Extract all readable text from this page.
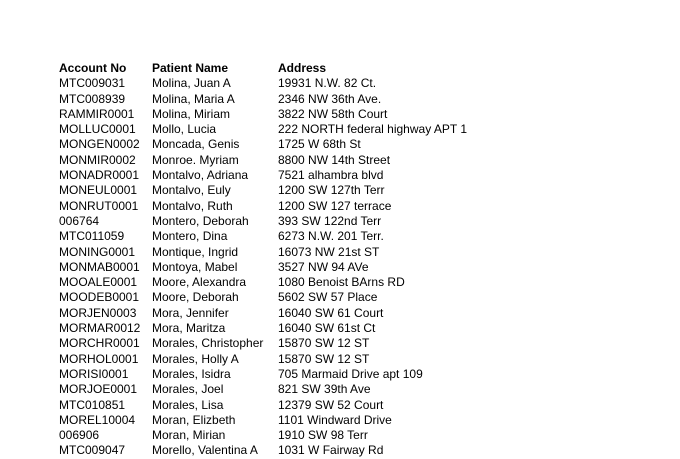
Account No	Patient Name	Address
MTC009031	Molina, Juan A	19931 N.W. 82 Ct.
MTC008939	Molina, Maria A	2346 NW 36th Ave.
RAMMIR0001	Molina, Miriam	3822 NW 58th Court
MOLLUC0001	Mollo, Lucia	222 NORTH federal highway APT 1
MONGEN0002	Moncada, Genis	1725 W 68th St
MONMIR0002	Monroe. Myriam	8800 NW 14th Street
MONADR0001	Montalvo, Adriana	7521 alhambra blvd
MONEUL0001	Montalvo, Euly	1200 SW 127th Terr
MONRUT0001	Montalvo, Ruth	1200 SW 127 terrace
006764	Montero, Deborah	393 SW 122nd Terr
MTC011059	Montero, Dina	6273 N.W. 201 Terr.
MONING0001	Montique, Ingrid	16073 NW 21st ST
MONMAB0001	Montoya, Mabel	3527 NW 94 AVe
MOOALE0001	Moore, Alexandra	1080 Benoist BArns RD
MOODEB0001	Moore, Deborah	5602 SW 57 Place
MORJEN0003	Mora, Jennifer	16040 SW 61 Court
MORMAR0012 Mora, Maritza	16040 SW 61st Ct
MORCHR0001	Morales, Christopher	15870 SW 12 ST
MORHOL0001	Morales, Holly A	15870 SW 12 ST
MORISI0001	Morales, Isidra	705 Marmaid Drive apt 109
MORJOE0001	Morales, Joel	821 SW 39th Ave
MTC010851	Morales, Lisa	12379 SW 52 Court
MOREL10004	Moran, Elizbeth	1101 Windward Drive
006906	Moran, Mirian	1910 SW 98 Terr
MTC009047	Morello, Valentina A	1031 W Fairway Rd
